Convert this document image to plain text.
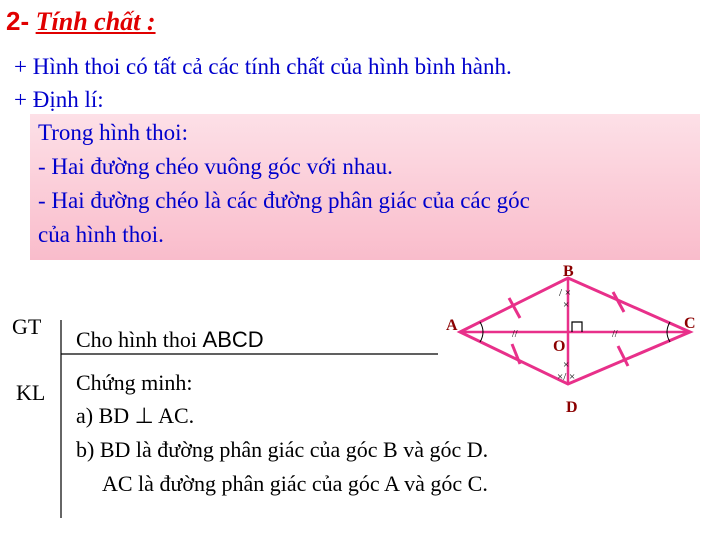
2- Tính chất :
+ Hình thoi có tất cả các tính chất của hình bình hành.
+ Định lí:
Trong hình thoi:
- Hai đường chéo vuông góc với nhau.
- Hai đường chéo là các đường phân giác của các góc
của hình thoi.
GT
Cho hình thoi ABCD
KL Chứng minh:
a) BD ⊥ AC.
b) BD là đường phân giác của góc B và góc D.
AC là đường phân giác của góc A và góc C.
//	//
/ ×
×
×
×/ ×
B
A	C
D
O
